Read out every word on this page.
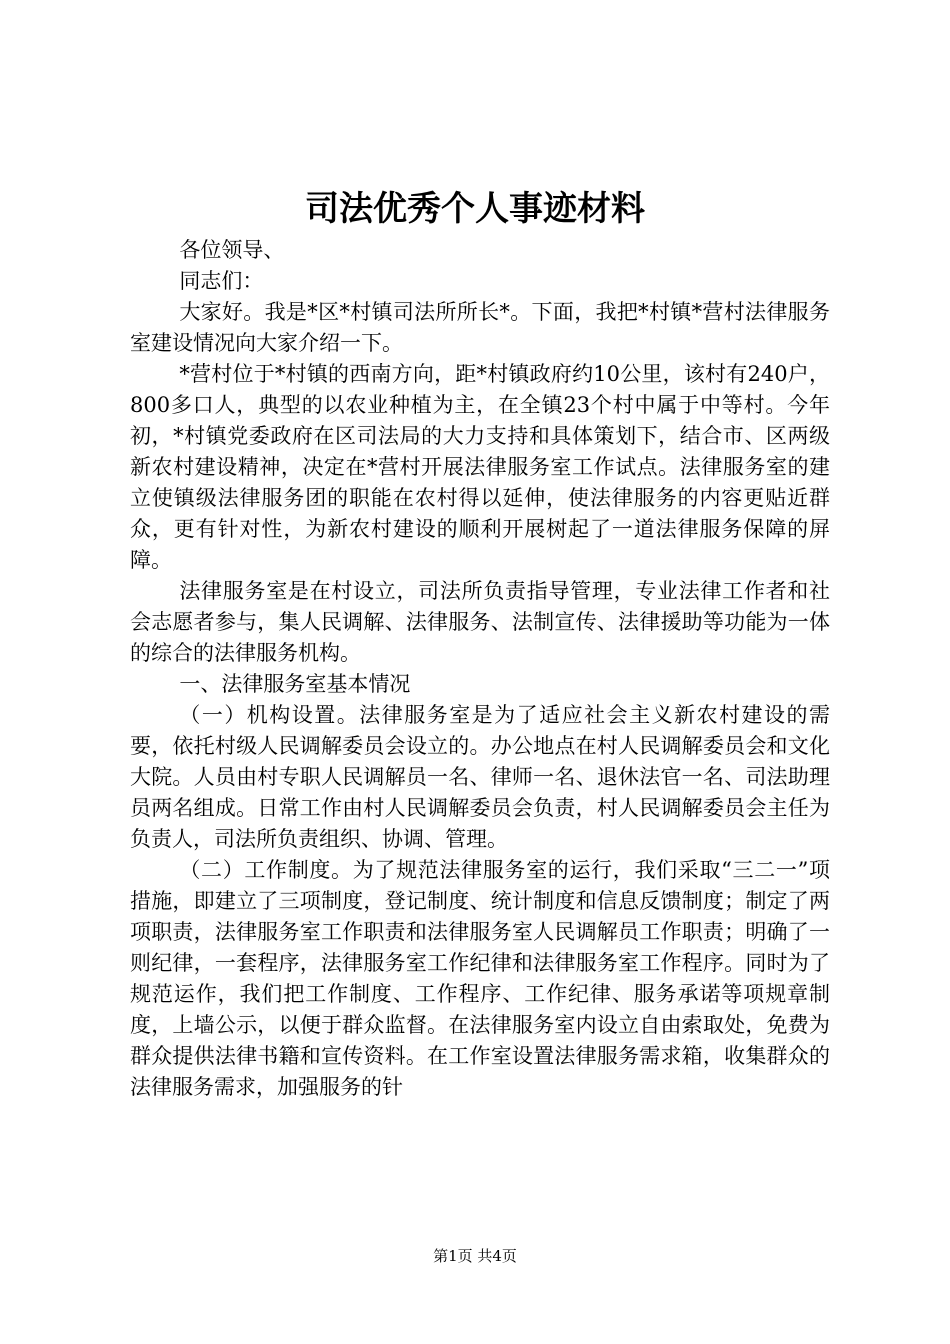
司法优秀个人事迹材料

各位领导、

同志们：

大家好。我是*区*村镇司法所所长*。下面，我把*村镇*营村法律服务室建设情况向大家介绍一下。

*营村位于*村镇的西南方向，距*村镇政府约10公里，该村有240户，800多口人，典型的以农业种植为主，在全镇23个村中属于中等村。今年初，*村镇党委政府在区司法局的大力支持和具体策划下，结合市、区两级新农村建设精神，决定在*营村开展法律服务室工作试点。法律服务室的建立使镇级法律服务团的职能在农村得以延伸，使法律服务的内容更贴近群众，更有针对性，为新农村建设的顺利开展树起了一道法律服务保障的屏障。

法律服务室是在村设立，司法所负责指导管理，专业法律工作者和社会志愿者参与，集人民调解、法律服务、法制宣传、法律援助等功能为一体的综合的法律服务机构。

一、法律服务室基本情况

（一）机构设置。法律服务室是为了适应社会主义新农村建设的需要，依托村级人民调解委员会设立的。办公地点在村人民调解委员会和文化大院。人员由村专职人民调解员一名、律师一名、退休法官一名、司法助理员两名组成。日常工作由村人民调解委员会负责，村人民调解委员会主任为负责人，司法所负责组织、协调、管理。

（二）工作制度。为了规范法律服务室的运行，我们采取“三二一”项措施，即建立了三项制度，登记制度、统计制度和信息反馈制度；制定了两项职责，法律服务室工作职责和法律服务室人民调解员工作职责；明确了一则纪律，一套程序，法律服务室工作纪律和法律服务室工作程序。同时为了规范运作，我们把工作制度、工作程序、工作纪律、服务承诺等项规章制度，上墙公示，以便于群众监督。在法律服务室内设立自由索取处，免费为群众提供法律书籍和宣传资料。在工作室设置法律服务需求箱，收集群众的法律服务需求，加强服务的针

第1页 共4页
